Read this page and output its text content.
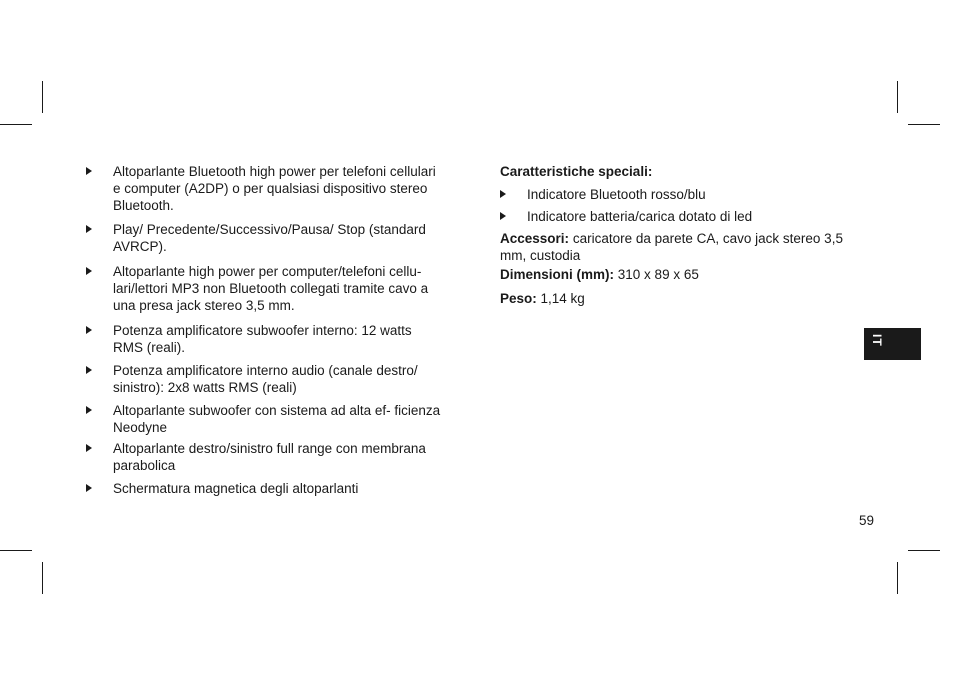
Altoparlante Bluetooth high power per telefoni cellulari e computer (A2DP) o per qualsiasi dispositivo stereo Bluetooth.
Play/ Precedente/Successivo/Pausa/ Stop (standard AVRCP).
Altoparlante high power per computer/telefoni cellu- lari/lettori MP3 non Bluetooth collegati tramite cavo a una presa jack stereo 3,5 mm.
Potenza amplificatore subwoofer interno: 12 watts RMS (reali).
Potenza amplificatore interno audio (canale destro/ sinistro): 2x8 watts RMS (reali)
Altoparlante subwoofer con sistema ad alta ef- ficienza Neodyne
Altoparlante destro/sinistro full range con membrana parabolica
Schermatura magnetica degli altoparlanti
Caratteristiche speciali:
Indicatore Bluetooth rosso/blu
Indicatore batteria/carica dotato di led

Accessori: caricatore da parete CA, cavo jack stereo 3,5 mm, custodia

Dimensioni (mm): 310 x 89 x 65

Peso: 1,14 kg

IT
59
